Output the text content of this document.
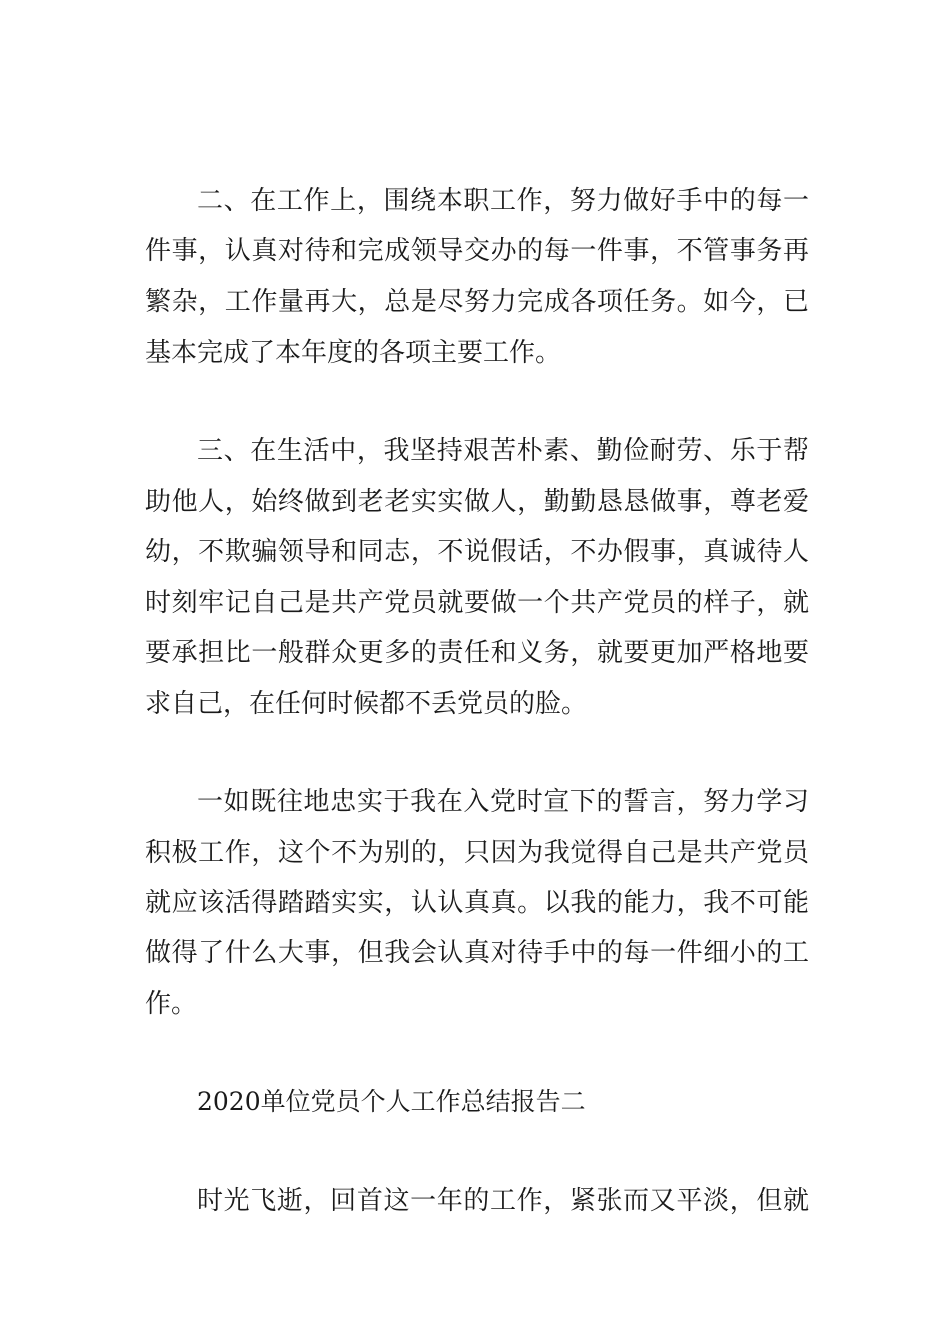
二、在工作上，围绕本职工作，努力做好手中的每一
件事，认真对待和完成领导交办的每一件事，不管事务再
繁杂，工作量再大，总是尽努力完成各项任务。如今，已
基本完成了本年度的各项主要工作。
三、在生活中，我坚持艰苦朴素、勤俭耐劳、乐于帮
助他人，始终做到老老实实做人，勤勤恳恳做事，尊老爱
幼，不欺骗领导和同志，不说假话，不办假事，真诚待人
时刻牢记自己是共产党员就要做一个共产党员的样子，就
要承担比一般群众更多的责任和义务，就要更加严格地要
求自己，在任何时候都不丢党员的脸。
一如既往地忠实于我在入党时宣下的誓言，努力学习
积极工作，这个不为别的，只因为我觉得自己是共产党员
就应该活得踏踏实实，认认真真。以我的能力，我不可能
做得了什么大事，但我会认真对待手中的每一件细小的工
作。
2020单位党员个人工作总结报告二
时光飞逝，回首这一年的工作，紧张而又平淡，但就
